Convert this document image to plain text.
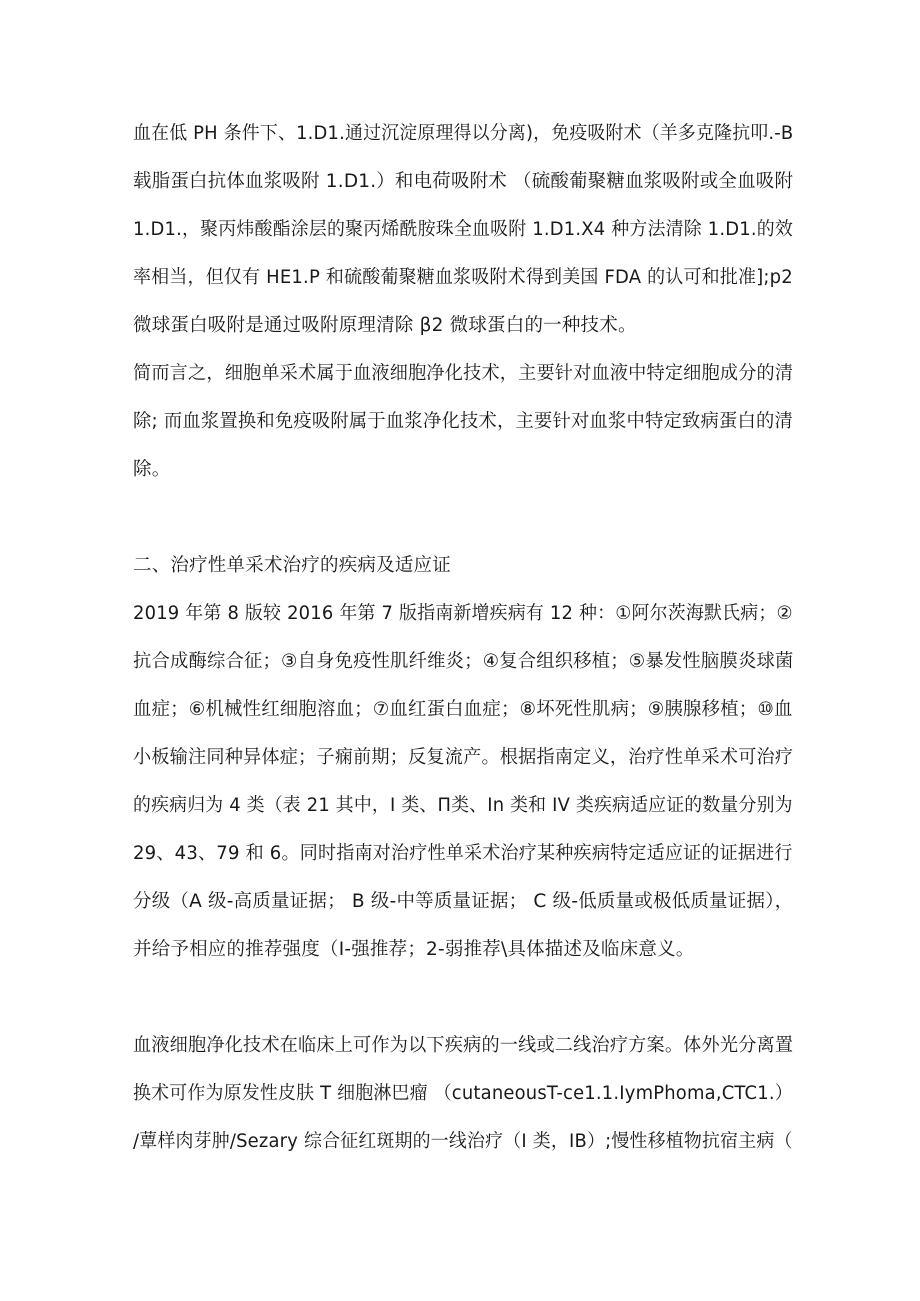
血在低 PH 条件下、1.D1.通过沉淀原理得以分离)，免疫吸附术（羊多克隆抗叩.-B
载脂蛋白抗体血浆吸附 1.D1.）和电荷吸附术 （硫酸葡聚糖血浆吸附或全血吸附
1.D1.，聚丙炜酸酯涂层的聚丙烯酰胺珠全血吸附 1.D1.X4 种方法清除 1.D1.的效
率相当，但仅有 HE1.P 和硫酸葡聚糖血浆吸附术得到美国 FDA 的认可和批准];p2
微球蛋白吸附是通过吸附原理清除 β2 微球蛋白的一种技术。
简而言之，细胞单采术属于血液细胞净化技术，主要针对血液中特定细胞成分的清
除; 而血浆置换和免疫吸附属于血浆净化技术，主要针对血浆中特定致病蛋白的清
除。
二、治疗性单采术治疗的疾病及适应证
2019 年第 8 版较 2016 年第 7 版指南新增疾病有 12 种：①阿尔茨海默氏病；②
抗合成酶综合征；③自身免疫性肌纤维炎；④复合组织移植；⑤暴发性脑膜炎球菌
血症；⑥机械性红细胞溶血；⑦血红蛋白血症；⑧坏死性肌病；⑨胰腺移植；⑩血
小板输注同种异体症；子痫前期；反复流产。根据指南定义，治疗性单采术可治疗
的疾病归为 4 类（表 21 其中，I 类、П类、In 类和 IV 类疾病适应证的数量分别为
29、43、79 和 6。同时指南对治疗性单采术治疗某种疾病特定适应证的证据进行
分级（A 级-高质量证据； B 级-中等质量证据； C 级-低质量或极低质量证据），
并给予相应的推荐强度（I-强推荐；2-弱推荐\具体描述及临床意义。
血液细胞净化技术在临床上可作为以下疾病的一线或二线治疗方案。体外光分离置
换术可作为原发性皮肤 T 细胞淋巴瘤 （cutaneousT-ce1.1.IymPhoma,CTC1.）
/蕈样肉芽肿/Sezary 综合征红斑期的一线治疗（I 类，IB）;慢性移植物抗宿主病（
